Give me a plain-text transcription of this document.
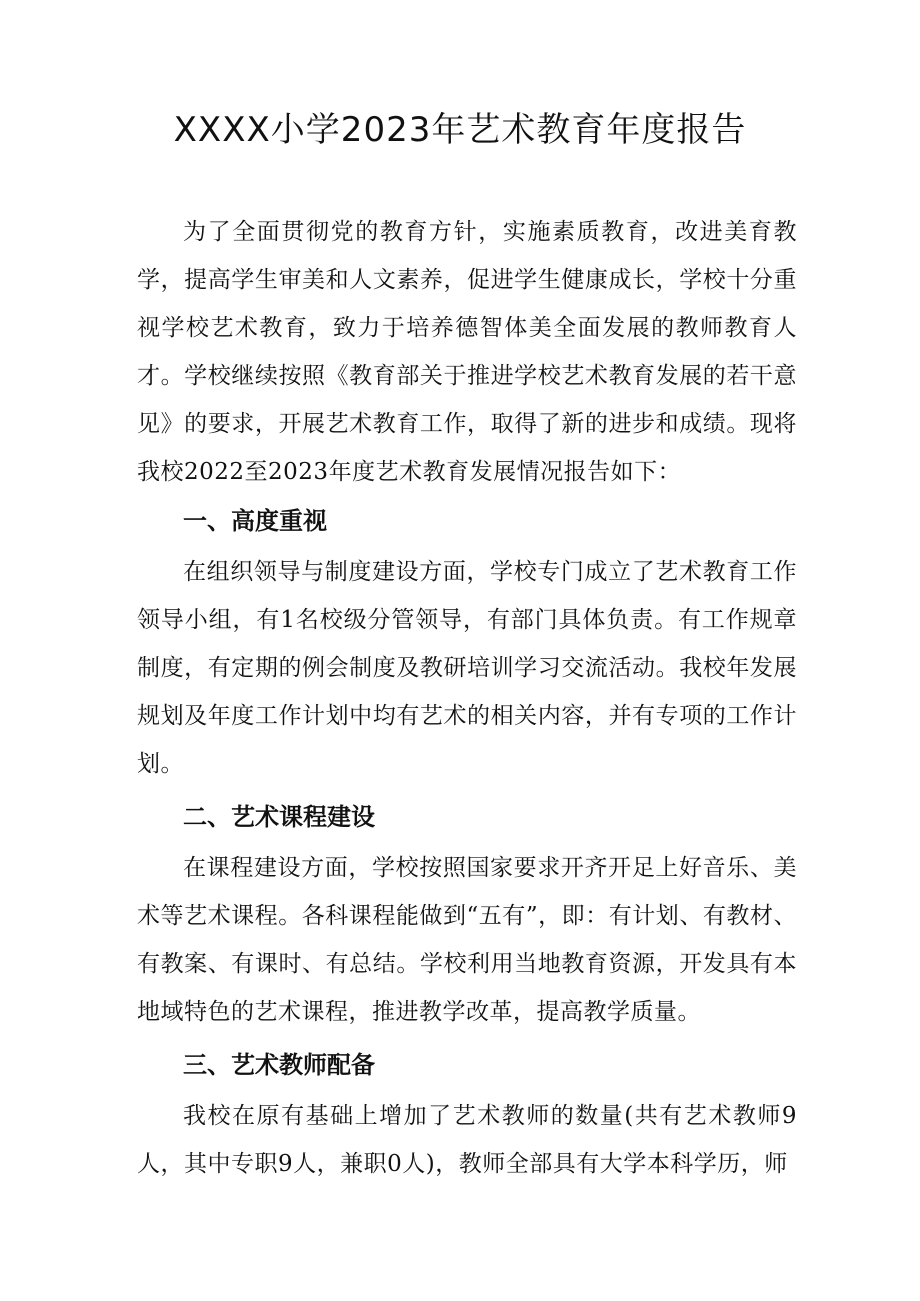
XXXX小学2023年艺术教育年度报告

为了全面贯彻党的教育方针，实施素质教育，改进美育教学，提高学生审美和人文素养，促进学生健康成长，学校十分重视学校艺术教育，致力于培养德智体美全面发展的教师教育人才。学校继续按照《教育部关于推进学校艺术教育发展的若干意见》的要求，开展艺术教育工作，取得了新的进步和成绩。现将我校2022至2023年度艺术教育发展情况报告如下：

一、高度重视

在组织领导与制度建设方面，学校专门成立了艺术教育工作领导小组，有1名校级分管领导，有部门具体负责。有工作规章制度，有定期的例会制度及教研培训学习交流活动。我校年发展规划及年度工作计划中均有艺术的相关内容，并有专项的工作计划。

二、艺术课程建设

在课程建设方面，学校按照国家要求开齐开足上好音乐、美术等艺术课程。各科课程能做到“五有”，即：有计划、有教材、有教案、有课时、有总结。学校利用当地教育资源，开发具有本地域特色的艺术课程，推进教学改革，提高教学质量。

三、艺术教师配备

我校在原有基础上增加了艺术教师的数量(共有艺术教师9人，其中专职9人，兼职0人)，教师全部具有大学本科学历，师
